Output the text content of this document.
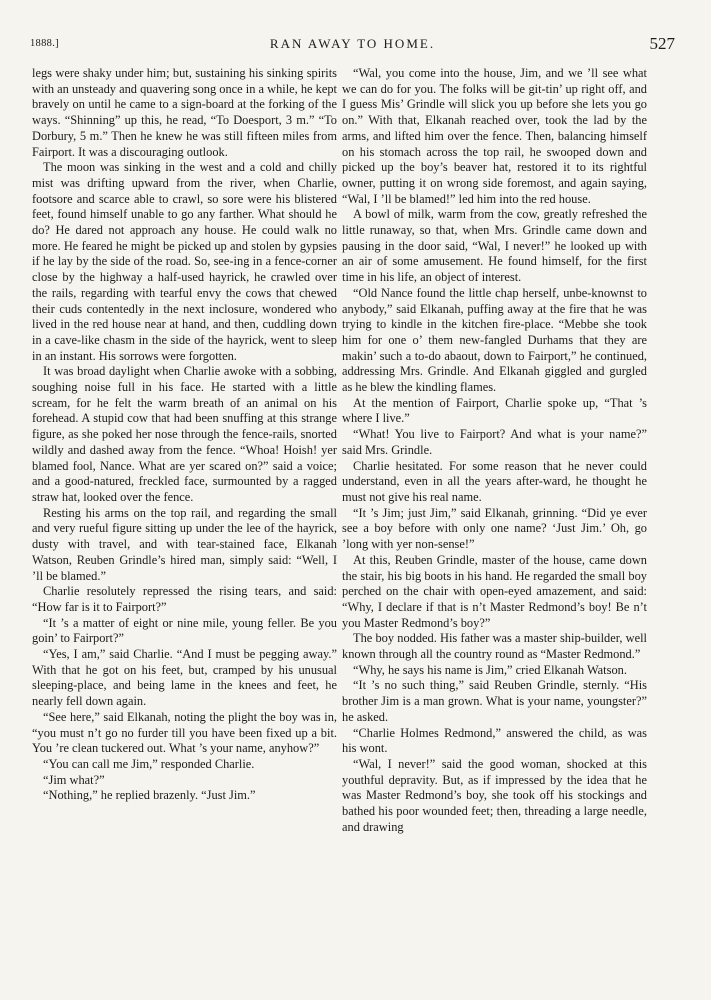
1888.]	RAN AWAY TO HOME.	527

legs were shaky under him; but, sustaining his sinking spirits with an unsteady and quavering song once in a while, he kept bravely on until he came to a sign-board at the forking of the ways. “Shinning” up this, he read, “To Doesport, 3 m.” “To Dorbury, 5 m.” Then he knew he was still fifteen miles from Fairport. It was a discouraging outlook.

The moon was sinking in the west and a cold and chilly mist was drifting upward from the river, when Charlie, footsore and scarce able to crawl, so sore were his blistered feet, found himself unable to go any farther. What should he do? He dared not approach any house. He could walk no more. He feared he might be picked up and stolen by gypsies if he lay by the side of the road. So, see-ing in a fence-corner close by the highway a half-used hayrick, he crawled over the rails, regarding with tearful envy the cows that chewed their cuds contentedly in the next inclosure, wondered who lived in the red house near at hand, and then, cuddling down in a cave-like chasm in the side of the hayrick, went to sleep in an instant. His sorrows were forgotten.

It was broad daylight when Charlie awoke with a sobbing, soughing noise full in his face. He started with a little scream, for he felt the warm breath of an animal on his forehead. A stupid cow that had been snuffing at this strange figure, as she poked her nose through the fence-rails, snorted wildly and dashed away from the fence. “Whoa! Hoish! yer blamed fool, Nance. What are yer scared on?” said a voice; and a good-natured, freckled face, surmounted by a ragged straw hat, looked over the fence.

Resting his arms on the top rail, and regarding the small and very rueful figure sitting up under the lee of the hayrick, dusty with travel, and with tear-stained face, Elkanah Watson, Reuben Grindle’s hired man, simply said: “Well, I ’ll be blamed.”

Charlie resolutely repressed the rising tears, and said: “How far is it to Fairport?”

“It ’s a matter of eight or nine mile, young feller. Be you goin’ to Fairport?”

“Yes, I am,” said Charlie. “And I must be pegging away.” With that he got on his feet, but, cramped by his unusual sleeping-place, and being lame in the knees and feet, he nearly fell down again.

“See here,” said Elkanah, noting the plight the boy was in, “you must n’t go no furder till you have been fixed up a bit. You ’re clean tuckered out. What ’s your name, anyhow?”

“You can call me Jim,” responded Charlie.

“Jim what?”

“Nothing,” he replied brazenly. “Just Jim.”

“Wal, you come into the house, Jim, and we ’ll see what we can do for you. The folks will be git-tin’ up right off, and I guess Mis’ Grindle will slick you up before she lets you go on.” With that, Elkanah reached over, took the lad by the arms, and lifted him over the fence. Then, balancing himself on his stomach across the top rail, he swooped down and picked up the boy’s beaver hat, restored it to its rightful owner, putting it on wrong side foremost, and again saying, “Wal, I ’ll be blamed!” led him into the red house.

A bowl of milk, warm from the cow, greatly refreshed the little runaway, so that, when Mrs. Grindle came down and pausing in the door said, “Wal, I never!” he looked up with an air of some amusement. He found himself, for the first time in his life, an object of interest.

“Old Nance found the little chap herself, unbe-knownst to anybody,” said Elkanah, puffing away at the fire that he was trying to kindle in the kitchen fire-place. “Mebbe she took him for one o’ them new-fangled Durhams that they are makin’ such a to-do abaout, down to Fairport,” he continued, addressing Mrs. Grindle. And Elkanah giggled and gurgled as he blew the kindling flames.

At the mention of Fairport, Charlie spoke up, “That ’s where I live.”

“What! You live to Fairport? And what is your name?” said Mrs. Grindle.

Charlie hesitated. For some reason that he never could understand, even in all the years after-ward, he thought he must not give his real name.

“It ’s Jim; just Jim,” said Elkanah, grinning. “Did ye ever see a boy before with only one name? ‘Just Jim.’ Oh, go ’long with yer non-sense!”

At this, Reuben Grindle, master of the house, came down the stair, his big boots in his hand. He regarded the small boy perched on the chair with open-eyed amazement, and said: “Why, I declare if that is n’t Master Redmond’s boy! Be n’t you Master Redmond’s boy?”

The boy nodded. His father was a master ship-builder, well known through all the country round as “Master Redmond.”

“Why, he says his name is Jim,” cried Elkanah Watson.

“It ’s no such thing,” said Reuben Grindle, sternly. “His brother Jim is a man grown. What is your name, youngster?” he asked.

“Charlie Holmes Redmond,” answered the child, as was his wont.

“Wal, I never!” said the good woman, shocked at this youthful depravity. But, as if impressed by the idea that he was Master Redmond’s boy, she took off his stockings and bathed his poor wounded feet; then, threading a large needle, and drawing
